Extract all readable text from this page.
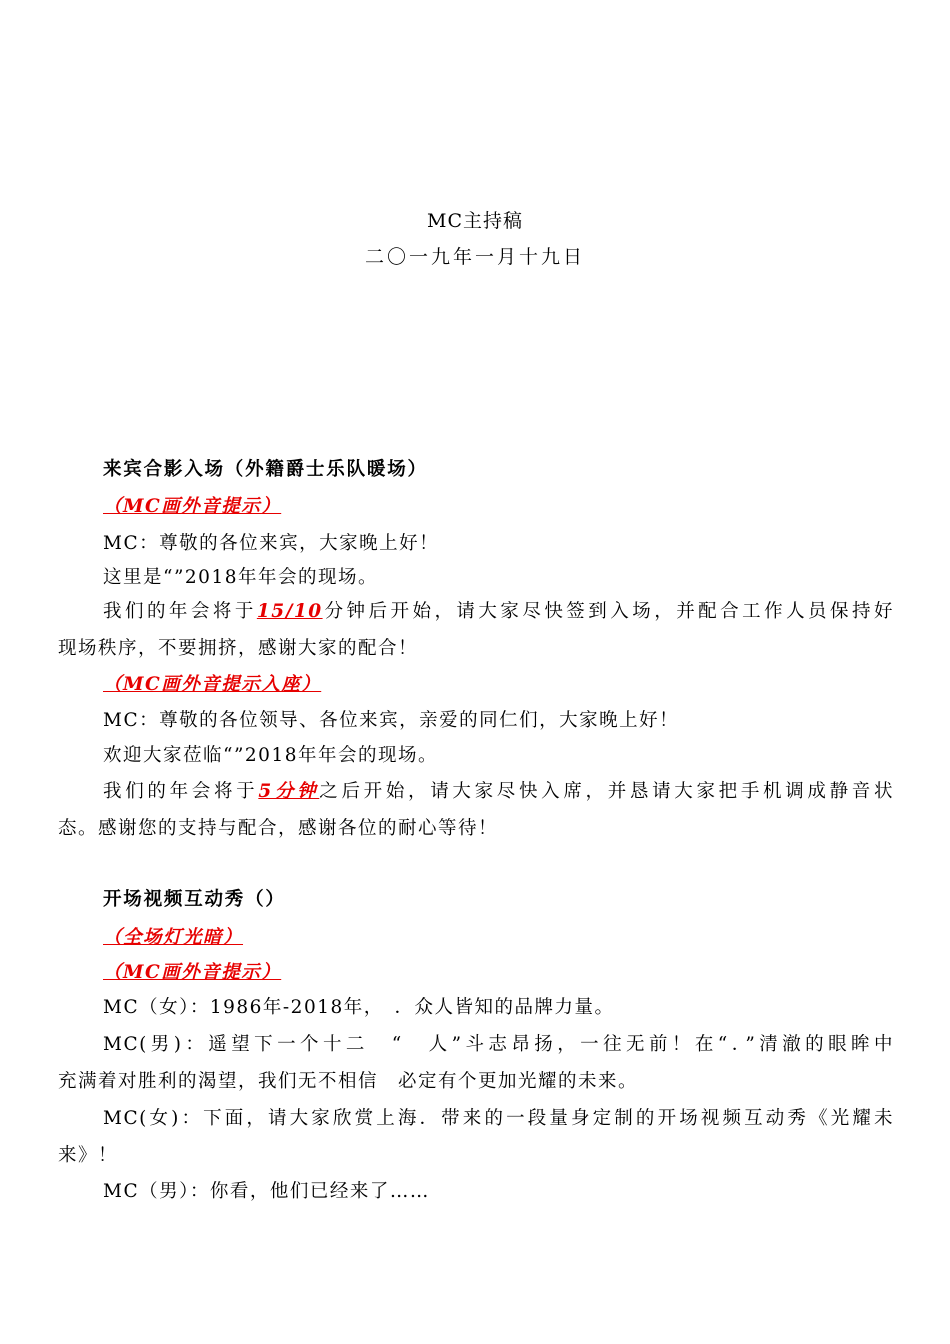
MC主持稿
二〇一九年一月十九日
来宾合影入场（外籍爵士乐队暖场）
（MC画外音提示）
MC：尊敬的各位来宾，大家晚上好！
这里是“”2018年年会的现场。
我们的年会将于15/10分钟后开始，请大家尽快签到入场，并配合工作人员保持好
现场秩序，不要拥挤，感谢大家的配合！
（MC画外音提示入座）
MC：尊敬的各位领导、各位来宾，亲爱的同仁们，大家晚上好！
欢迎大家莅临“”2018年年会的现场。
我们的年会将于5分钟之后开始，请大家尽快入席，并恳请大家把手机调成静音状
态。感谢您的支持与配合，感谢各位的耐心等待！
开场视频互动秀（）
（全场灯光暗）
（MC画外音提示）
MC（女）：1986年-2018年，　．众人皆知的品牌力量。
MC(男)：遥望下一个十二　“　人”斗志昂扬，一往无前！在“．”清澈的眼眸中
充满着对胜利的渴望，我们无不相信　必定有个更加光耀的未来。
MC(女)：下面，请大家欣赏上海．带来的一段量身定制的开场视频互动秀《光耀未
来》！
MC（男）：你看，他们已经来了……
